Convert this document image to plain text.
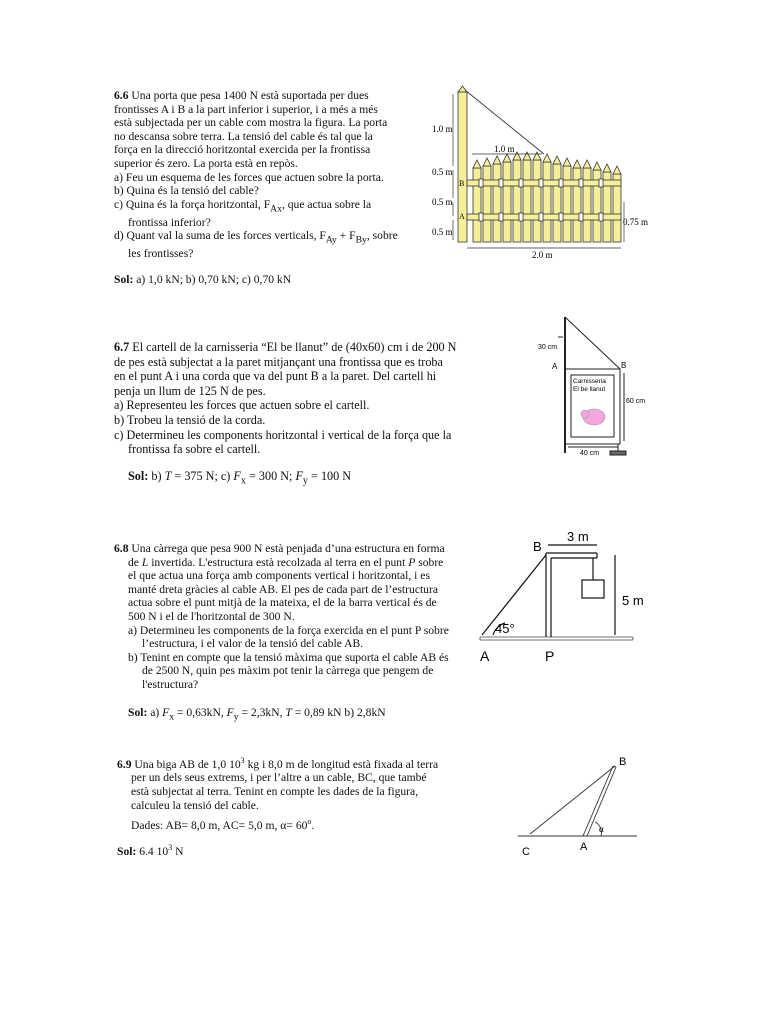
6.6 Una porta que pesa 1400 N està suportada per dues

frontisses A i B a la part inferior i superior, i a més a més

està subjectada per un cable com mostra la figura. La porta

no descansa sobre terra. La tensió del cable és tal que la

força en la direcció horitzontal exercida per la frontissa

superior és zero. La porta està en repòs.

a) Feu un esquema de les forces que actuen sobre la porta.

b) Quina és la tensió del cable?

c) Quina és la força horitzontal, $F_{Ax}$, que actua sobre la

frontissa inferior?

d) Quant val la suma de les forces verticals, $F_{Ay} + F_{By}$, sobre

les frontisses?

Sol: a) 1,0 kN; b) 0,70 kN; c) 0,70 kN

1.0 m
0.5 m
0.5 m
0.5 m
B
A
1.0 m
0.75 m
2.0 m

6.7 El cartell de la carnisseria “El be llanut” de (40x60) cm i de 200 N

de pes està subjectat a la paret mitjançant una frontissa que es troba

en el punt A i una corda que va del punt B a la paret. Del cartell hi

penja un llum de 125 N de pes.

a) Representeu les forces que actuen sobre el cartell.

b) Trobeu la tensió de la corda.

c) Determineu les components horitzontal i vertical de la força que la

frontissa fa sobre el cartell.

Sol: b) T = 375 N; c) $F_x = 300$ N; $F_y = 100$ N

30 cm
A	B
Carnisseria
El be llanut
60 cm
40 cm

6.8 Una càrrega que pesa 900 N està penjada d’una estructura en forma

de L invertida. L'estructura està recolzada al terra en el punt P sobre

el que actua una força amb components vertical i horitzontal, i es

manté dreta gràcies al cable AB. El pes de cada part de l’estructura

actua sobre el punt mitjà de la mateixa, el de la barra vertical és de

500 N i el de l'horitzontal de 300 N.

a) Determineu les components de la força exercida en el punt P sobre

l’estructura, i el valor de la tensió del cable AB.

b) Tenint en compte que la tensió màxima que suporta el cable AB és

de 2500 N, quin pes màxim pot tenir la càrrega que pengem de

l'estructura?

Sol: a) $F_x = 0,63kN$, $F_y = 2,3kN$, T = 0,89 kN b) 2,8kN

B
3 m
5 m
45°
A	P

6.9 Una biga AB de 1,0 $10^3$ kg i 8,0 m de longitud està fixada al terra

per un dels seus extrems, i per l’altre a un cable, BC, que també

està subjectat al terra. Tenint en compte les dades de la figura,

calculeu la tensió del cable.

Dades: AB= 8,0 m, AC= 5,0 m, $\alpha= 60^o$.

Sol: 6.4 $10^3$ N

B
C	A
α
